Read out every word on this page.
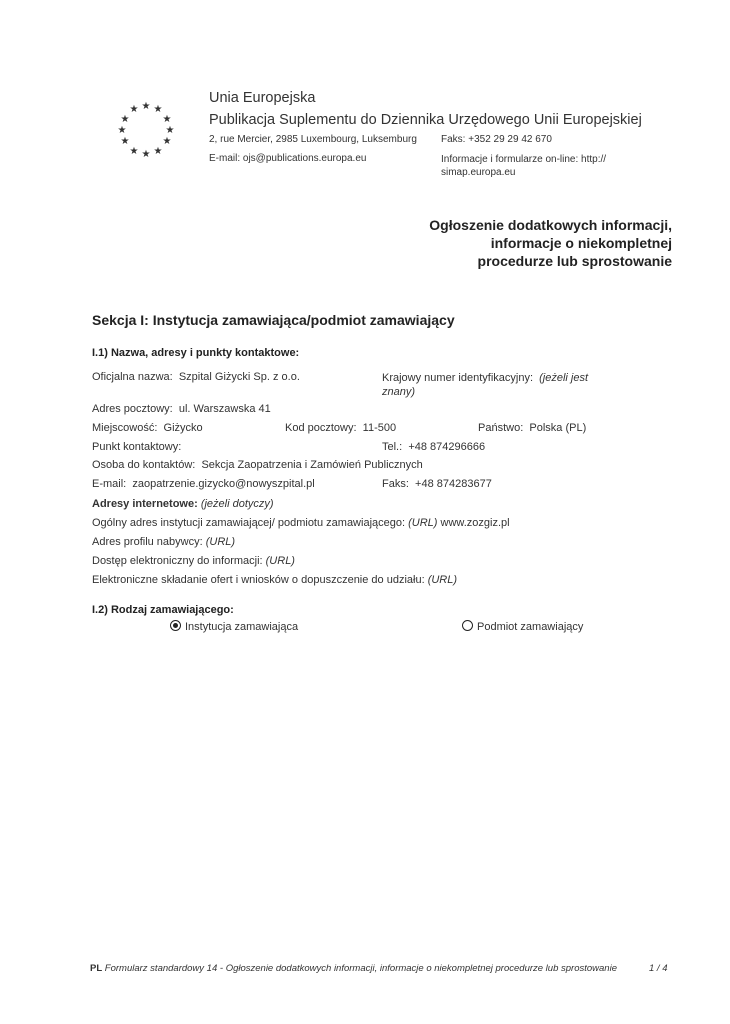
★ ★
★
★
★
★
★
★
★
★
★
★
Unia Europejska
Publikacja Suplementu do Dziennika Urzędowego Unii Europejskiej
2, rue Mercier, 2985 Luxembourg, Luksemburg Faks: +352 29 29 42 670
E-mail: ojs@publications.europa.eu	Informacje i formularze on-line: http:// simap.europa.eu
Ogłoszenie dodatkowych informacji, informacje o niekompletnej procedurze lub sprostowanie
Sekcja I: Instytucja zamawiająca/podmiot zamawiający
I.1) Nazwa, adresy i punkty kontaktowe:
Oficjalna nazwa: Szpital Giżycki Sp. z o.o.	Krajowy numer identyfikacyjny: (jeżeli jest znany)
Adres pocztowy: ul. Warszawska 41
Miejscowość: Giżycko	Kod pocztowy: 11-500	Państwo: Polska (PL)
Punkt kontaktowy:	Tel.: +48 874296666
Osoba do kontaktów: Sekcja Zaopatrzenia i Zamówień Publicznych
E-mail: zaopatrzenie.gizycko@nowyszpital.pl	Faks: +48 874283677
Adresy internetowe: (jeżeli dotyczy)
Ogólny adres instytucji zamawiającej/ podmiotu zamawiającego: (URL) www.zozgiz.pl
Adres profilu nabywcy: (URL)
Dostęp elektroniczny do informacji: (URL)
Elektroniczne składanie ofert i wniosków o dopuszczenie do udziału: (URL)
I.2) Rodzaj zamawiającego:
Instytucja zamawiająca	Podmiot zamawiający
PL Formularz standardowy 14 - Ogłoszenie dodatkowych informacji, informacje o niekompletnej procedurze lub sprostowanie	1 / 4
